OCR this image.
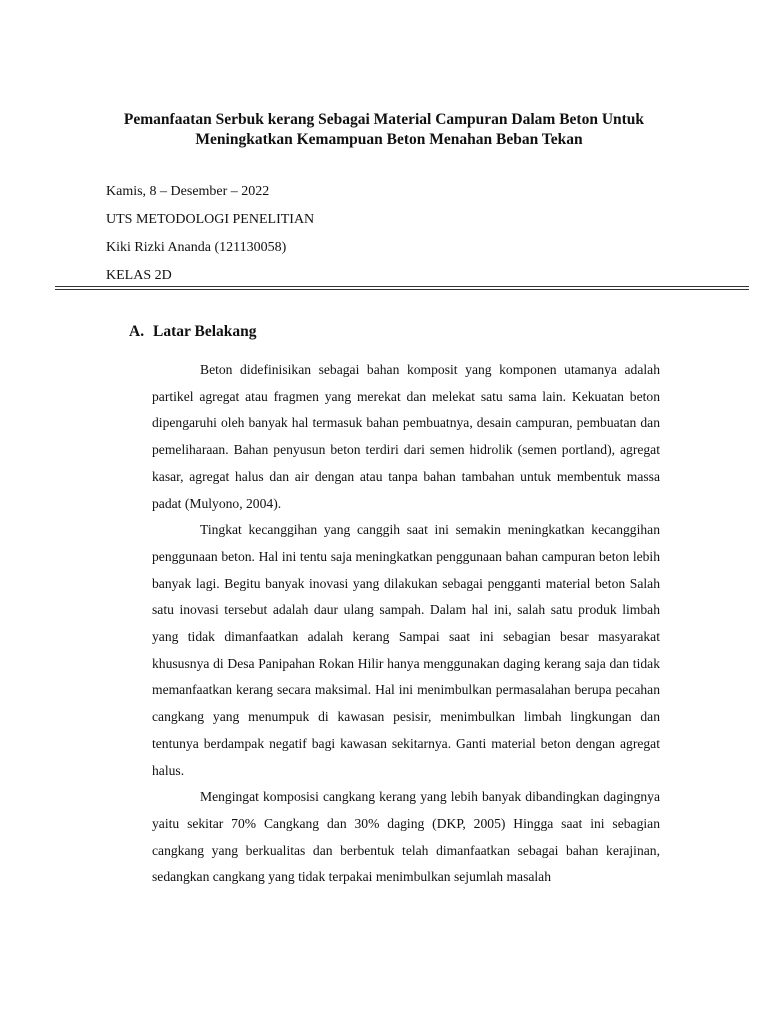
Pemanfaatan Serbuk kerang Sebagai Material Campuran Dalam Beton Untuk
Meningkatkan Kemampuan Beton Menahan Beban Tekan
Kamis, 8 – Desember – 2022
UTS METODOLOGI PENELITIAN
Kiki Rizki Ananda (121130058)
KELAS 2D
A. Latar Belakang

Beton didefinisikan sebagai bahan komposit yang komponen utamanya adalah partikel agregat atau fragmen yang merekat dan melekat satu sama lain. Kekuatan beton dipengaruhi oleh banyak hal termasuk bahan pembuatnya, desain campuran, pembuatan dan pemeliharaan. Bahan penyusun beton terdiri dari semen hidrolik (semen portland), agregat kasar, agregat halus dan air dengan atau tanpa bahan tambahan untuk membentuk massa padat (Mulyono, 2004).

Tingkat kecanggihan yang canggih saat ini semakin meningkatkan kecanggihan penggunaan beton. Hal ini tentu saja meningkatkan penggunaan bahan campuran beton lebih banyak lagi. Begitu banyak inovasi yang dilakukan sebagai pengganti material beton Salah satu inovasi tersebut adalah daur ulang sampah. Dalam hal ini, salah satu produk limbah yang tidak dimanfaatkan adalah kerang Sampai saat ini sebagian besar masyarakat khususnya di Desa Panipahan Rokan Hilir hanya menggunakan daging kerang saja dan tidak memanfaatkan kerang secara maksimal. Hal ini menimbulkan permasalahan berupa pecahan cangkang yang menumpuk di kawasan pesisir, menimbulkan limbah lingkungan dan tentunya berdampak negatif bagi kawasan sekitarnya. Ganti material beton dengan agregat halus.

Mengingat komposisi cangkang kerang yang lebih banyak dibandingkan dagingnya yaitu sekitar 70% Cangkang dan 30% daging (DKP, 2005) Hingga saat ini sebagian cangkang yang berkualitas dan berbentuk telah dimanfaatkan sebagai bahan kerajinan, sedangkan cangkang yang tidak terpakai menimbulkan sejumlah masalah
